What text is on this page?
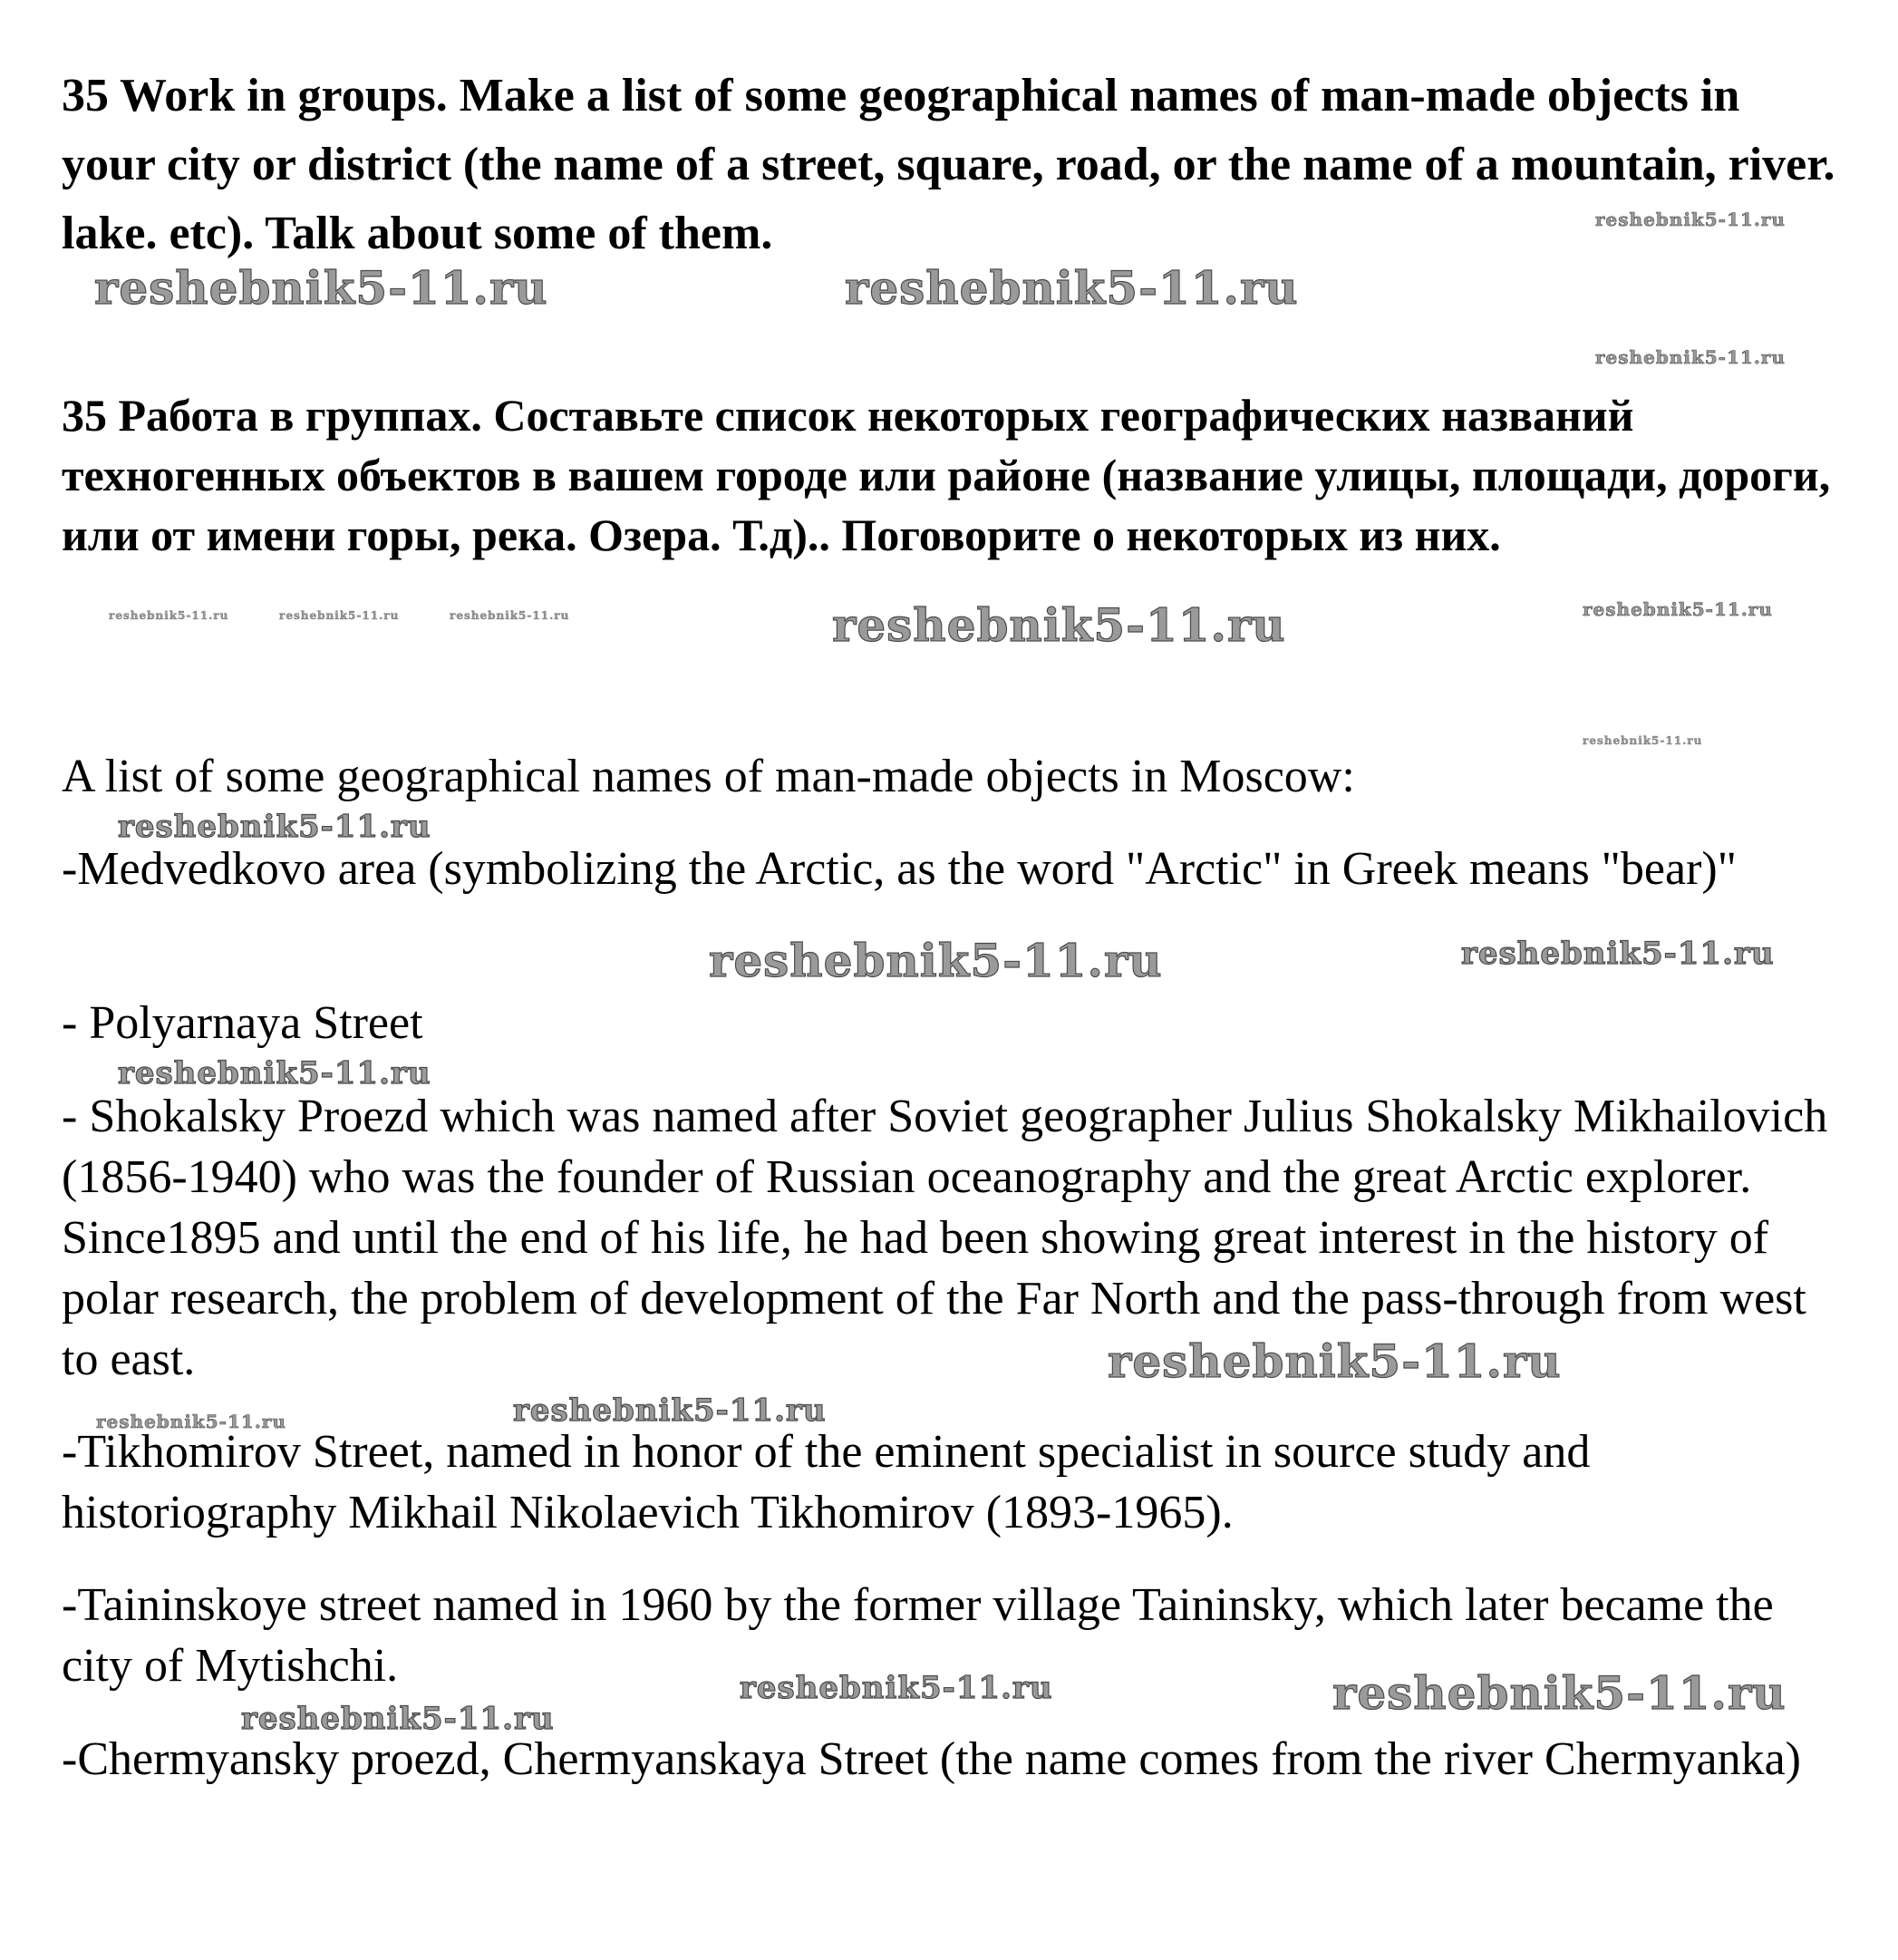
35 Work in groups. Make a list of some geographical names of man-made objects in your city or district (the name of a street, square, road, or the name of a mountain, river. lake. etc). Talk about some of them.

35 Работа в группах. Составьте список некоторых географических названий техногенных объектов в вашем городе или районе (название улицы, площади, дороги, или от имени горы, река. Озера. Т.д).. Поговорите о некоторых из них.

A list of some geographical names of man-made objects in Moscow:

-Medvedkovo area (symbolizing the Arctic, as the word "Arctic" in Greek means "bear)"

- Polyarnaya Street

- Shokalsky Proezd which was named after Soviet geographer Julius Shokalsky Mikhailovich (1856-1940) who was the founder of Russian oceanography and the great Arctic explorer. Since1895 and until the end of his life, he had been showing great interest in the history of polar research, the problem of development of the Far North and the pass-through from west to east.

-Tikhomirov Street, named in honor of the eminent specialist in source study and historiography Mikhail Nikolaevich Tikhomirov (1893-1965).

-Taininskoye street named in 1960 by the former village Taininsky, which later became the city of Mytishchi.

-Chermyansky proezd, Chermyanskaya Street (the name comes from the river Chermyanka)

reshebnik5-11.ru	reshebnik5-11.ru
reshebnik5-11.ru
reshebnik5-11.ru
reshebnik5-11.ru	reshebnik5-11.ru	reshebnik5-11.ru	reshebnik5-11.ru	reshebnik5-11.ru
reshebnik5-11.ru
reshebnik5-11.ru
reshebnik5-11.ru	reshebnik5-11.ru
reshebnik5-11.ru
reshebnik5-11.ru
reshebnik5-11.ru	reshebnik5-11.ru
reshebnik5-11.ru	reshebnik5-11.ru
reshebnik5-11.ru
